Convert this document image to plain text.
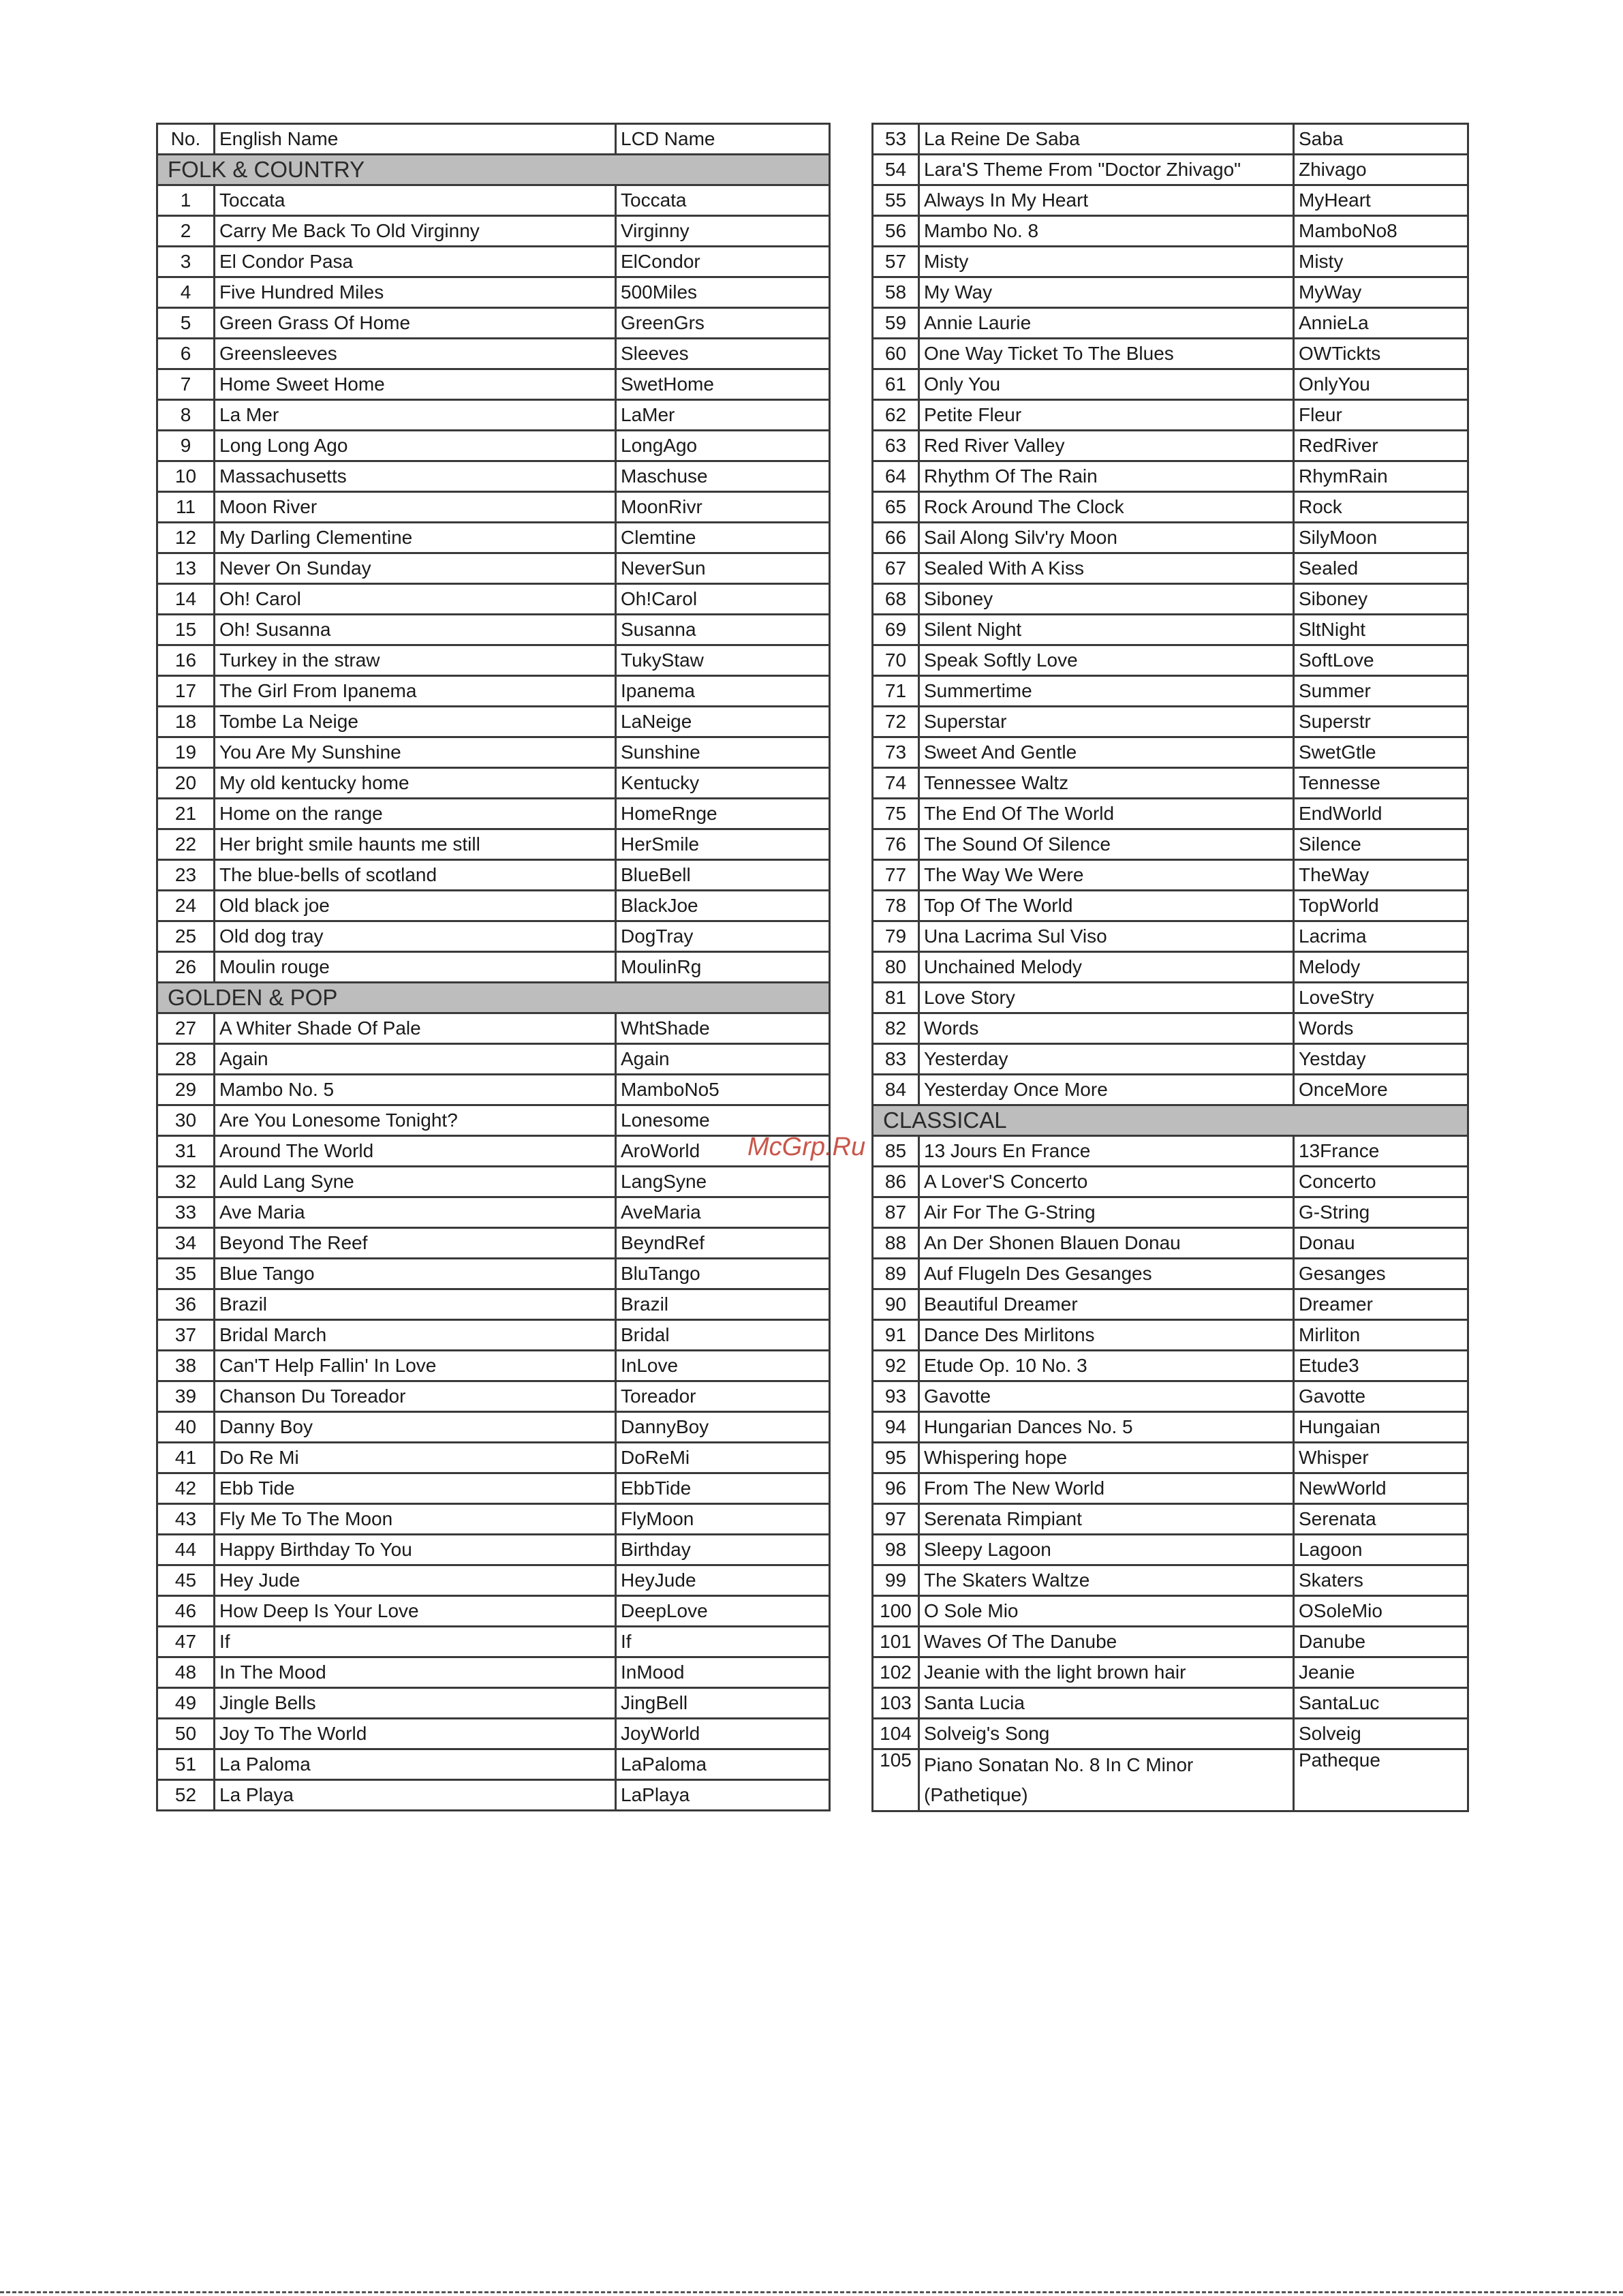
No.	English Name	LCD Name
FOLK & COUNTRY		
1	Toccata	Toccata
2	Carry Me Back To Old Virginny	Virginny
3	El Condor Pasa	ElCondor
4	Five Hundred Miles	500Miles
5	Green Grass Of Home	GreenGrs
6	Greensleeves	Sleeves
7	Home Sweet Home	SwetHome
8	La Mer	LaMer
9	Long Long Ago	LongAgo
10	Massachusetts	Maschuse
11	Moon River	MoonRivr
12	My Darling Clementine	Clemtine
13	Never On Sunday	NeverSun
14	Oh! Carol	Oh!Carol
15	Oh! Susanna	Susanna
16	Turkey in the straw	TukyStaw
17	The Girl From Ipanema	Ipanema
18	Tombe La Neige	LaNeige
19	You Are My Sunshine	Sunshine
20	My old kentucky home	Kentucky
21	Home on the range	HomeRnge
22	Her bright smile haunts me still	HerSmile
23	The blue-bells of scotland	BlueBell
24	Old black joe	BlackJoe
25	Old dog tray	DogTray
26	Moulin rouge	MoulinRg
GOLDEN & POP		
27	A Whiter Shade Of Pale	WhtShade
28	Again	Again
29	Mambo No. 5	MamboNo5
30	Are You Lonesome Tonight?	Lonesome
31	Around The World	AroWorld
32	Auld Lang Syne	LangSyne
33	Ave Maria	AveMaria
34	Beyond The Reef	BeyndRef
35	Blue Tango	BluTango
36	Brazil	Brazil
37	Bridal March	Bridal
38	Can'T Help Fallin' In Love	InLove
39	Chanson Du Toreador	Toreador
40	Danny Boy	DannyBoy
41	Do Re Mi	DoReMi
42	Ebb Tide	EbbTide
43	Fly Me To The Moon	FlyMoon
44	Happy Birthday To You	Birthday
45	Hey Jude	HeyJude
46	How Deep Is Your Love	DeepLove
47	If	If
48	In The Mood	InMood
49	Jingle Bells	JingBell
50	Joy To The World	JoyWorld
51	La Paloma	LaPaloma
52	La Playa	LaPlaya
53	La Reine De Saba	Saba
54	Lara'S Theme From "Doctor Zhivago"	Zhivago
55	Always In My Heart	MyHeart
56	Mambo No. 8	MamboNo8
57	Misty	Misty
58	My Way	MyWay
59	Annie Laurie	AnnieLa
60	One Way Ticket To The Blues	OWTickts
61	Only You	OnlyYou
62	Petite Fleur	Fleur
63	Red River Valley	RedRiver
64	Rhythm Of The Rain	RhymRain
65	Rock Around The Clock	Rock
66	Sail Along Silv'ry Moon	SilyMoon
67	Sealed With A Kiss	Sealed
68	Siboney	Siboney
69	Silent Night	SltNight
70	Speak Softly Love	SoftLove
71	Summertime	Summer
72	Superstar	Superstr
73	Sweet And Gentle	SwetGtle
74	Tennessee Waltz	Tennesse
75	The End Of The World	EndWorld
76	The Sound Of Silence	Silence
77	The Way We Were	TheWay
78	Top Of The World	TopWorld
79	Una Lacrima Sul Viso	Lacrima
80	Unchained Melody	Melody
81	Love Story	LoveStry
82	Words	Words
83	Yesterday	Yestday
84	Yesterday Once More	OnceMore
CLASSICAL		
85	13 Jours En France	13France
86	A Lover'S Concerto	Concerto
87	Air For The G-String	G-String
88	An Der Shonen Blauen Donau	Donau
89	Auf Flugeln Des Gesanges	Gesanges
90	Beautiful Dreamer	Dreamer
91	Dance Des Mirlitons	Mirliton
92	Etude Op. 10 No. 3	Etude3
93	Gavotte	Gavotte
94	Hungarian Dances No. 5	Hungaian
95	Whispering hope	Whisper
96	From The New World	NewWorld
97	Serenata Rimpiant	Serenata
98	Sleepy Lagoon	Lagoon
99	The Skaters Waltze	Skaters
100	O Sole Mio	OSoleMio
101	Waves Of The Danube	Danube
102	Jeanie with the light brown hair	Jeanie
103	Santa Lucia	SantaLuc
104	Solveig's Song	Solveig
105	Piano Sonatan No. 8 In C Minor (Pathetique)	Patheque
McGrp.Ru
